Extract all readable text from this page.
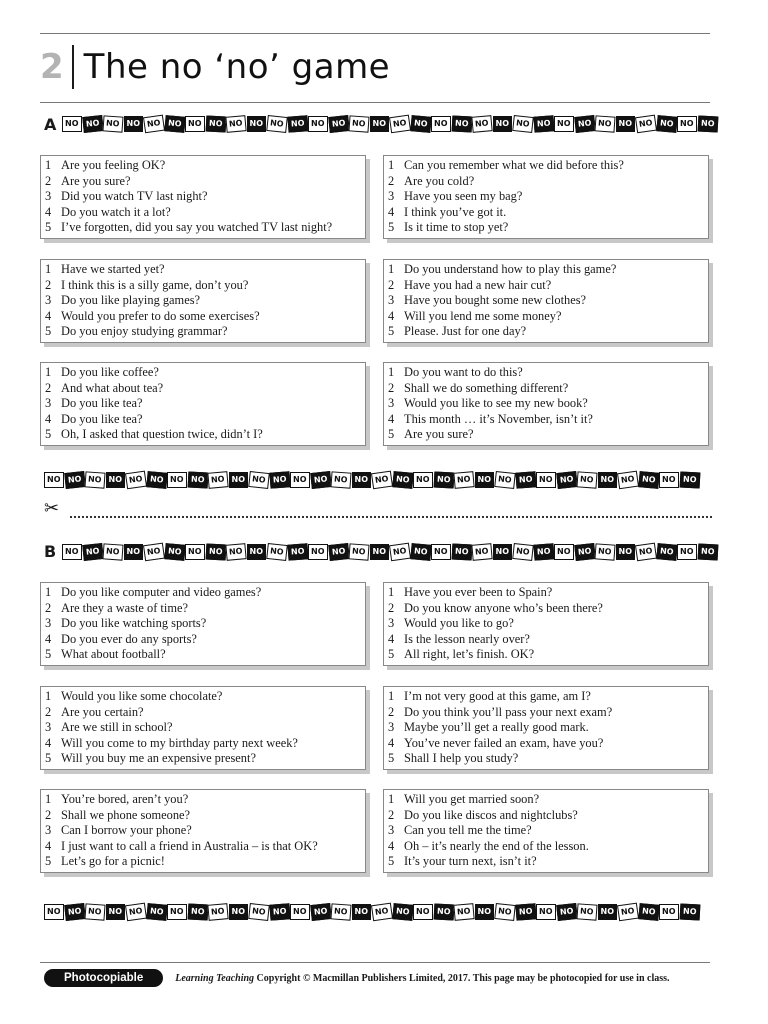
2 The no ‘no’ game
A	NO NO NO NO NO NO NO NO NO NO NO NO NO NO NO NO NO NO NO NO NO NO NO NO NO NO NO NO NO NO NO NO
1 Are you feeling OK?
2 Are you sure?
3 Did you watch TV last night?
4 Do you watch it a lot?
5 I’ve forgotten, did you say you watched TV last night?
1 Can you remember what we did before this?
2 Are you cold?
3 Have you seen my bag?
4 I think you’ve got it.
5 Is it time to stop yet?
1 Have we started yet?
2 I think this is a silly game, don’t you?
3 Do you like playing games?
4 Would you prefer to do some exercises?
5 Do you enjoy studying grammar?
1 Do you understand how to play this game?
2 Have you had a new hair cut?
3 Have you bought some new clothes?
4 Will you lend me some money?
5 Please. Just for one day?
1 Do you like coffee?
2 And what about tea?
3 Do you like tea?
4 Do you like tea?
5 Oh, I asked that question twice, didn’t I?
1 Do you want to do this?
2 Shall we do something different?
3 Would you like to see my new book?
4 This month … it’s November, isn’t it?
5 Are you sure?
NO NO NO NO NO NO NO NO NO NO NO NO NO NO NO NO NO NO NO NO NO NO NO NO NO NO NO NO NO NO NO NO
✂
B	NO NO NO NO NO NO NO NO NO NO NO NO NO NO NO NO NO NO NO NO NO NO NO NO NO NO NO NO NO NO NO NO
1 Do you like computer and video games?
2 Are they a waste of time?
3 Do you like watching sports?
4 Do you ever do any sports?
5 What about football?
1 Have you ever been to Spain?
2 Do you know anyone who’s been there?
3 Would you like to go?
4 Is the lesson nearly over?
5 All right, let’s finish. OK?
1 Would you like some chocolate?
2 Are you certain?
3 Are we still in school?
4 Will you come to my birthday party next week?
5 Will you buy me an expensive present?
1 I’m not very good at this game, am I?
2 Do you think you’ll pass your next exam?
3 Maybe you’ll get a really good mark.
4 You’ve never failed an exam, have you?
5 Shall I help you study?
1 You’re bored, aren’t you?
2 Shall we phone someone?
3 Can I borrow your phone?
4 I just want to call a friend in Australia – is that OK?
5 Let’s go for a picnic!
1 Will you get married soon?
2 Do you like discos and nightclubs?
3 Can you tell me the time?
4 Oh – it’s nearly the end of the lesson.
5 It’s your turn next, isn’t it?
NO NO NO NO NO NO NO NO NO NO NO NO NO NO NO NO NO NO NO NO NO NO NO NO NO NO NO NO NO NO NO NO
Photocopiable	Learning Teaching Copyright © Macmillan Publishers Limited, 2017. This page may be photocopied for use in class.
